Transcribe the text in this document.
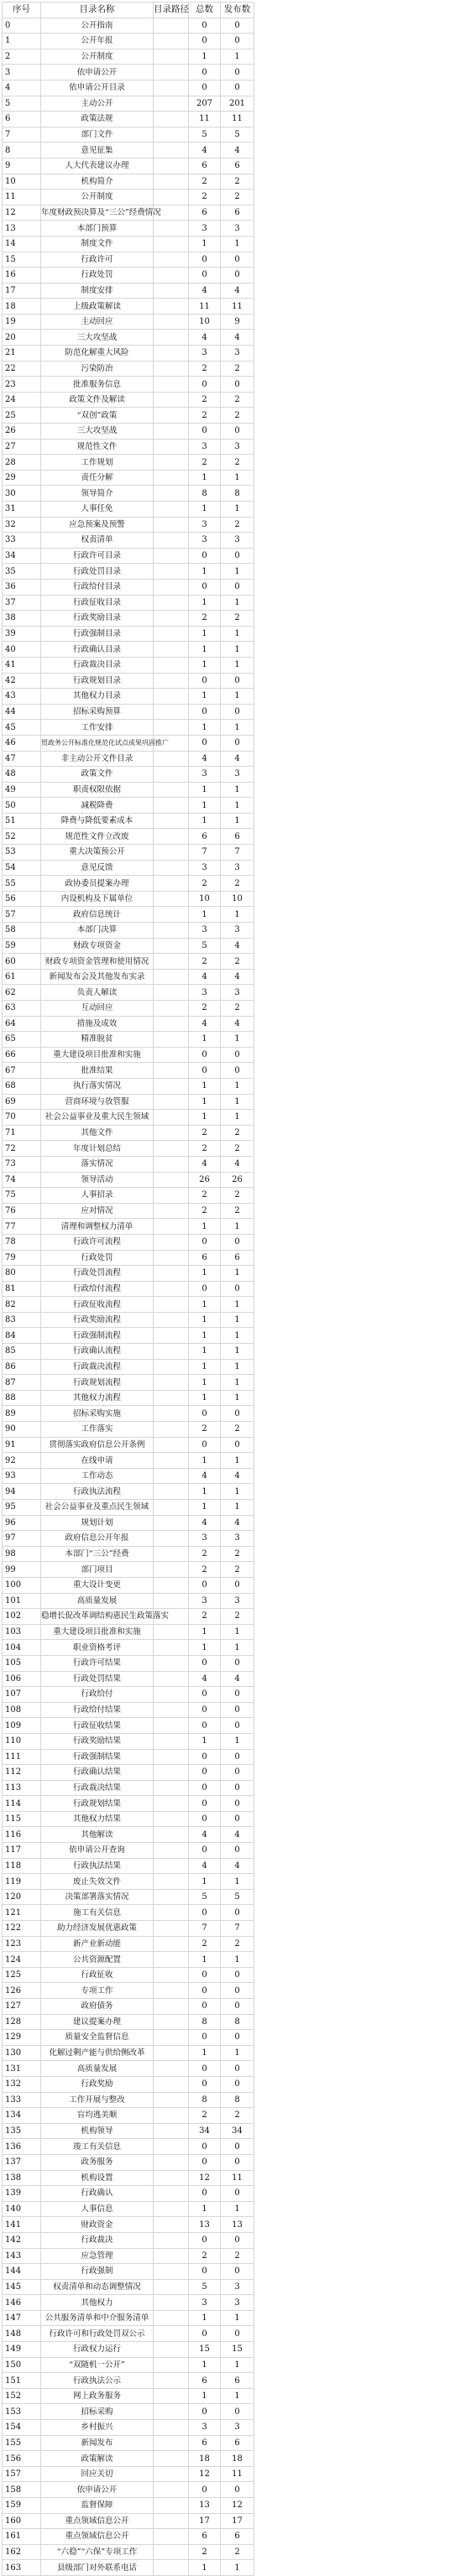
序号	目录名称	目录路径	总数	发布数
0	公开指南		0	0
1	公开年报		0	0
2	公开制度		1	1
3	依申请公开		0	0
4	依申请公开目录		0	0
5	主动公开		207	201
6	政策法规		11	11
7	部门文件		5	5
8	意见征集		4	4
9	人大代表建议办理		6	6
10	机构简介		2	2
11	公开制度		2	2
12	年度财政预决算及“三公”经费情况		6	6
13	本部门预算		3	3
14	制度文件		1	1
15	行政许可		0	0
16	行政处罚		0	0
17	制度安排		4	4
18	上级政策解读		11	11
19	主动回应		10	9
20	三大攻坚战		4	4
21	防范化解重大风险		3	3
22	污染防治		2	2
23	批准服务信息		0	0
24	政策文件及解读		2	2
25	“双创”政策		2	2
26	三大攻坚战		0	0
27	规范性文件		3	3
28	工作规划		2	2
29	责任分解		1	1
30	领导简介		8	8
31	人事任免		1	1
32	应急预案及预警		3	2
33	权责清单		3	3
34	行政许可目录		0	0
35	行政处罚目录		1	1
36	行政给付目录		0	0
37	行政征收目录		1	1
38	行政奖励目录		2	2
39	行政强制目录		1	1
40	行政确认目录		1	1
41	行政裁决目录		1	1
42	行政规划目录		0	0
43	其他权力目录		1	1
44	招标采购预算		0	0
45	工作安排		1	1
46	贸政务公开标准化规范化试点成果巩固推广		0	0
47	非主动公开文件目录		4	4
48	政策文件		3	3
49	职责权限依据		1	1
50	减税降费		1	1
51	降费与降低要素成本		1	1
52	规范性文件立改废		6	6
53	重大决策预公开		7	7
54	意见反馈		3	3
55	政协委员提案办理		2	2
56	内设机构及下属单位		10	10
57	政府信息统计		1	1
58	本部门决算		3	3
59	财政专项资金		5	4
60	财政专项资金管理和使用情况		2	2
61	新闻发布会及其他发布实录		4	4
62	负责人解读		3	3
63	互动回应		2	2
64	措施及成效		4	4
65	精准脱贫		1	1
66	重大建设项目批准和实施		0	0
67	批准结果		0	0
68	执行落实情况		1	1
69	营商环境与放管服		1	1
70	社会公益事业及重大民生领域		1	1
71	其他文件		2	2
72	年度计划总结		2	2
73	落实情况		4	4
74	领导活动		26	26
75	人事招录		2	2
76	应对情况		2	2
77	清理和调整权力清单		1	1
78	行政许可流程		0	0
79	行政处罚		6	6
80	行政处罚流程		1	1
81	行政给付流程		0	0
82	行政征收流程		1	1
83	行政奖励流程		1	1
84	行政强制流程		1	1
85	行政确认流程		1	1
86	行政裁决流程		1	1
87	行政规划流程		1	1
88	其他权力流程		1	1
89	招标采购实施		0	0
90	工作落实		2	2
91	贯彻落实政府信息公开条例		0	0
92	在线申请		1	1
93	工作动态		4	4
94	行政执法流程		1	1
95	社会公益事业及重点民生领域		1	1
96	规划计划		4	4
97	政府信息公开年报		3	3
98	本部门“三公”经费		2	2
99	部门项目		2	2
100	重大设计变更		0	0
101	高质量发展		3	3
102	稳增长促改革调结构惠民生政策落实		2	2
103	重大建设项目批准和实施		1	1
104	职业资格考评		1	1
105	行政许可结果		0	0
106	行政处罚结果		4	4
107	行政给付		0	0
108	行政给付结果		0	0
109	行政征收结果		0	0
110	行政奖励结果		1	1
111	行政强制结果		0	0
112	行政确认结果		0	0
113	行政裁决结果		0	0
114	行政规划结果		0	0
115	其他权力结果		0	0
116	其他解读		4	4
117	依申请公开查询		0	0
118	行政执法结果		4	4
119	废止失效文件		1	1
120	决策部署落实情况		5	5
121	施工有关信息		0	0
122	助力经济发展优惠政策		7	7
123	新产业新动能		2	2
124	公共资源配置		1	1
125	行政征收		0	0
126	专项工作		0	0
127	政府债务		0	0
128	建议提案办理		8	8
129	质量安全监督信息		0	0
130	化解过剩产能与供给侧改革		1	1
131	高质量发展		0	0
132	行政奖励		0	0
133	工作开展与整改		8	8
134	盲均逃美顺		2	2
135	机构领导		34	34
136	竣工有关信息		0	0
137	政务服务		0	0
138	机构设置		12	11
139	行政确认		0	0
140	人事信息		1	1
141	财政资金		13	13
142	行政裁决		0	0
143	应急管理		2	2
144	行政强制		0	0
145	权责清单和动态调整情况		5	3
146	其他权力		3	3
147	公共服务清单和中介服务清单		1	1
148	行政许可和行政处罚双公示		0	0
149	行政权力运行		15	15
150	“双随机一公开”		1	1
151	行政执法公示		6	6
152	网上政务服务		1	1
153	招标采购		0	0
154	乡村振兴		3	3
155	新闻发布		6	6
156	政策解读		18	18
157	回应关切		12	11
158	依申请公开		0	0
159	监督保障		13	12
160	重点领域信息公开		17	17
161	重点领域信息公开		6	6
162	“六稳”“六保”专项工作		2	2
163	县级部门对外联系电话		1	1
